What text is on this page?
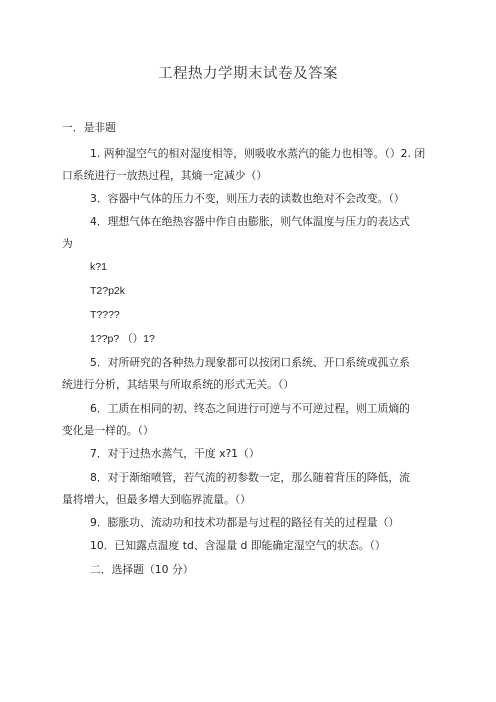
工程热力学期末试卷及答案
一．是非题
1. 两种湿空气的相对湿度相等，则吸收水蒸汽的能力也相等。（）2. 闭
口系统进行一放热过程，其熵一定减少（）
3．容器中气体的压力不变，则压力表的读数也绝对不会改变。（）
4．理想气体在绝热容器中作自由膨胀，则气体温度与压力的表达式
为
k?1
T2?p2k
T????
1??p? （）1?
5．对所研究的各种热力现象都可以按闭口系统、开口系统或孤立系
统进行分析，其结果与所取系统的形式无关。（）
6．工质在相同的初、终态之间进行可逆与不可逆过程，则工质熵的
变化是一样的。（）
7．对于过热水蒸气，干度 x?1（）
8．对于渐缩喷管，若气流的初参数一定，那么随着背压的降低，流
量将增大，但最多增大到临界流量。（）
9．膨胀功、流动功和技术功都是与过程的路径有关的过程量（）
10．已知露点温度 td、含湿量 d 即能确定湿空气的状态。（）
二．选择题（10 分）
